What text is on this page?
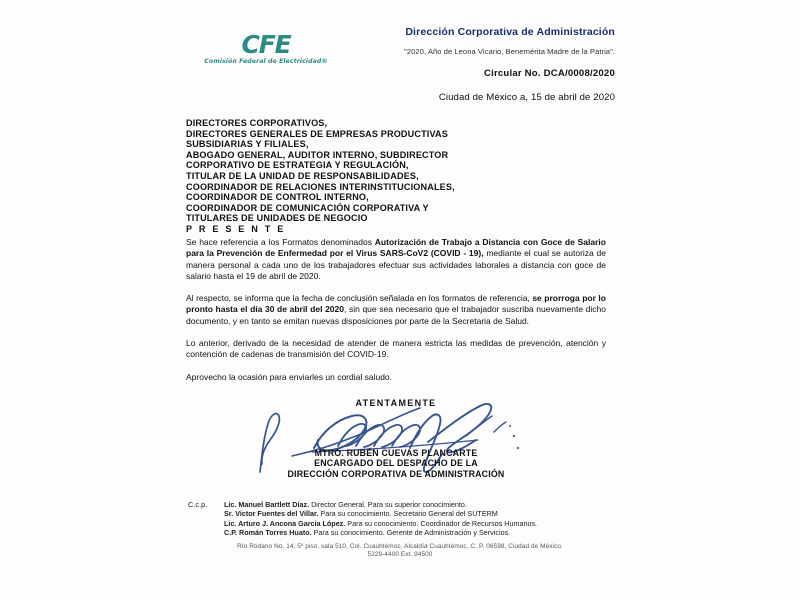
CFE
Comisión Federal de Electricidad®

Dirección Corporativa de Administración

"2020, Año de Leona Vicario, Benemérita Madre de la Patria".

Circular No. DCA/0008/2020

Ciudad de México a, 15 de abril de 2020

DIRECTORES CORPORATIVOS,
DIRECTORES GENERALES DE EMPRESAS PRODUCTIVAS
SUBSIDIARIAS Y FILIALES,
ABOGADO GENERAL, AUDITOR INTERNO, SUBDIRECTOR
CORPORATIVO DE ESTRATEGIA Y REGULACIÓN,
TITULAR DE LA UNIDAD DE RESPONSABILIDADES,
COORDINADOR DE RELACIONES INTERINSTITUCIONALES,
COORDINADOR DE CONTROL INTERNO,
COORDINADOR DE COMUNICACIÓN CORPORATIVA Y
TITULARES DE UNIDADES DE NEGOCIO
P R E S E N T E

Se hace referencia a los Formatos denominados Autorización de Trabajo a Distancia con Goce de Salario para la Prevención de Enfermedad por el Virus SARS-CoV2 (COVID - 19), mediante el cual se autoriza de manera personal a cada uno de los trabajadores efectuar sus actividades laborales a distancia con goce de salario hasta el 19 de abril de 2020.

Al respecto, se informa que la fecha de conclusión señalada en los formatos de referencia, se prorroga por lo pronto hasta el día 30 de abril del 2020, sin que sea necesario que el trabajador suscriba nuevamente dicho documento, y en tanto se emitan nuevas disposiciones por parte de la Secretaria de Salud.

Lo anterior, derivado de la necesidad de atender de manera estricta las medidas de prevención, atención y contención de cadenas de transmisión del COVID-19.

Aprovecho la ocasión para enviarles un cordial saludo.

ATENTAMENTE

MTRO. RUBÉN CUEVAS PLANCARTE
ENCARGADO DEL DESPACHO DE LA
DIRECCIÓN CORPORATIVA DE ADMINISTRACIÓN
C.c.p. Lic. Manuel Bartlett Díaz. Director General. Para su superior conocimiento.
Sr. Victor Fuentes del Villar. Para su conocimiento. Secretario General del SUTERM
Lic. Arturo J. Ancona García López. Para su conocimiento. Coordinador de Recursos Humanos.
C.P. Román Torres Huato. Para su conocimiento. Gerente de Administración y Servicios.
Río Ródano No. 14, 5º piso, sala 510, Col. Cuauhtémoc, Alcaldía Cuauhtémoc, C. P. 06598, Ciudad de México.
5229-4400 Ext. 94500
